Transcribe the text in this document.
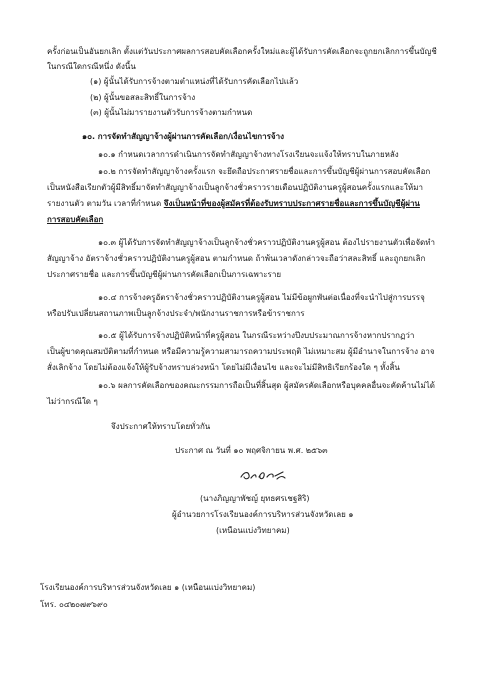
ครั้งก่อนเป็นอันยกเลิก ตั้งแต่วันประกาศผลการสอบคัดเลือกครั้งใหม่และผู้ได้รับการคัดเลือกจะถูกยกเลิกการขึ้นบัญชี
ในกรณีใดกรณีหนึ่ง ดังนี้น
(๑) ผู้นั้นได้รับการจ้างตามตำแหน่งที่ได้รับการคัดเลือกไปแล้ว
(๒) ผู้นั้นขอสละสิทธิ์ในการจ้าง
(๓) ผู้นั้นไม่มารายงานตัวรับการจ้างตามกำหนด
๑๐. การจัดทำสัญญาจ้างผู้ผ่านการคัดเลือก/เงื่อนไขการจ้าง
๑๐.๑ กำหนดเวลาการดำเนินการจัดทำสัญญาจ้างทางโรงเรียนจะแจ้งให้ทราบในภายหลัง
๑๐.๒ การจัดทำสัญญาจ้างครั้งแรก จะยึดถือประกาศรายชื่อและการขึ้นบัญชีผู้ผ่านการสอบคัดเลือก
เป็นหนังสือเรียกตัวผู้มีสิทธิ์มาจัดทำสัญญาจ้างเป็นลูกจ้างชั่วคราวรายเดือนปฏิบัติงานครูผู้สอนครั้งแรกและให้มา
รายงานตัว ตามวัน เวลาที่กำหนด จึงเป็นหน้าที่ของผู้สมัครที่ต้องรับทราบประกาศรายชื่อและการขึ้นบัญชีผู้ผ่าน
การสอบคัดเลือก
๑๐.๓ ผู้ได้รับการจัดทำสัญญาจ้างเป็นลูกจ้างชั่วคราวปฏิบัติงานครูผู้สอน ต้องไปรายงานตัวเพื่อจัดทำ
สัญญาจ้าง อัตราจ้างชั่วคราวปฏิบัติงานครูผู้สอน ตามกำหนด ถ้าพ้นเวลาดังกล่าวจะถือว่าสละสิทธิ์ และถูกยกเลิก
ประกาศรายชื่อ และการขึ้นบัญชีผู้ผ่านการคัดเลือกเป็นการเฉพาะราย
๑๐.๔ การจ้างครูอัตราจ้างชั่วคราวปฏิบัติงานครูผู้สอน ไม่มีข้อผูกพันต่อเนื่องที่จะนำไปสู่การบรรจุ
หรือปรับเปลี่ยนสถานภาพเป็นลูกจ้างประจำ/พนักงานราชการหรือข้าราชการ
๑๐.๕ ผู้ได้รับการจ้างปฏิบัติหน้าที่ครูผู้สอน ในกรณีระหว่างปีงบประมาณการจ้างหากปรากฏว่า
เป็นผู้ขาดคุณสมบัติตามที่กำหนด หรือมีความรู้ความสามารถความประพฤติ ไม่เหมาะสม ผู้มีอำนาจในการจ้าง อาจ
สั่งเลิกจ้าง โดยไม่ต้องแจ้งให้ผู้รับจ้างทราบล่วงหน้า โดยไม่มีเงื่อนไข และจะไม่มีสิทธิเรียกร้องใด ๆ ทั้งสิ้น
๑๐.๖ ผลการคัดเลือกของคณะกรรมการถือเป็นที่สิ้นสุด ผู้สมัครคัดเลือกหรือบุคคลอื่นจะคัดค้านไม่ได้
ไม่ว่ากรณีใด ๆ
จึงประกาศให้ทราบโดยทั่วกัน
ประกาศ ณ วันที่ ๑๐ พฤศจิกายน พ.ศ. ๒๕๖๓
(นางภิญญาพัชญ์ ยุทธศรเชฐสิริ)
ผู้อำนวยการโรงเรียนองค์การบริหารส่วนจังหวัดเลย ๑
(เหนือนแบ่งวิทยาคม)
โรงเรียนองค์การบริหารส่วนจังหวัดเลย ๑ (เหนือนแบ่งวิทยาคม)
โทร. ๐๔๒๐๗๙๖๙๐
